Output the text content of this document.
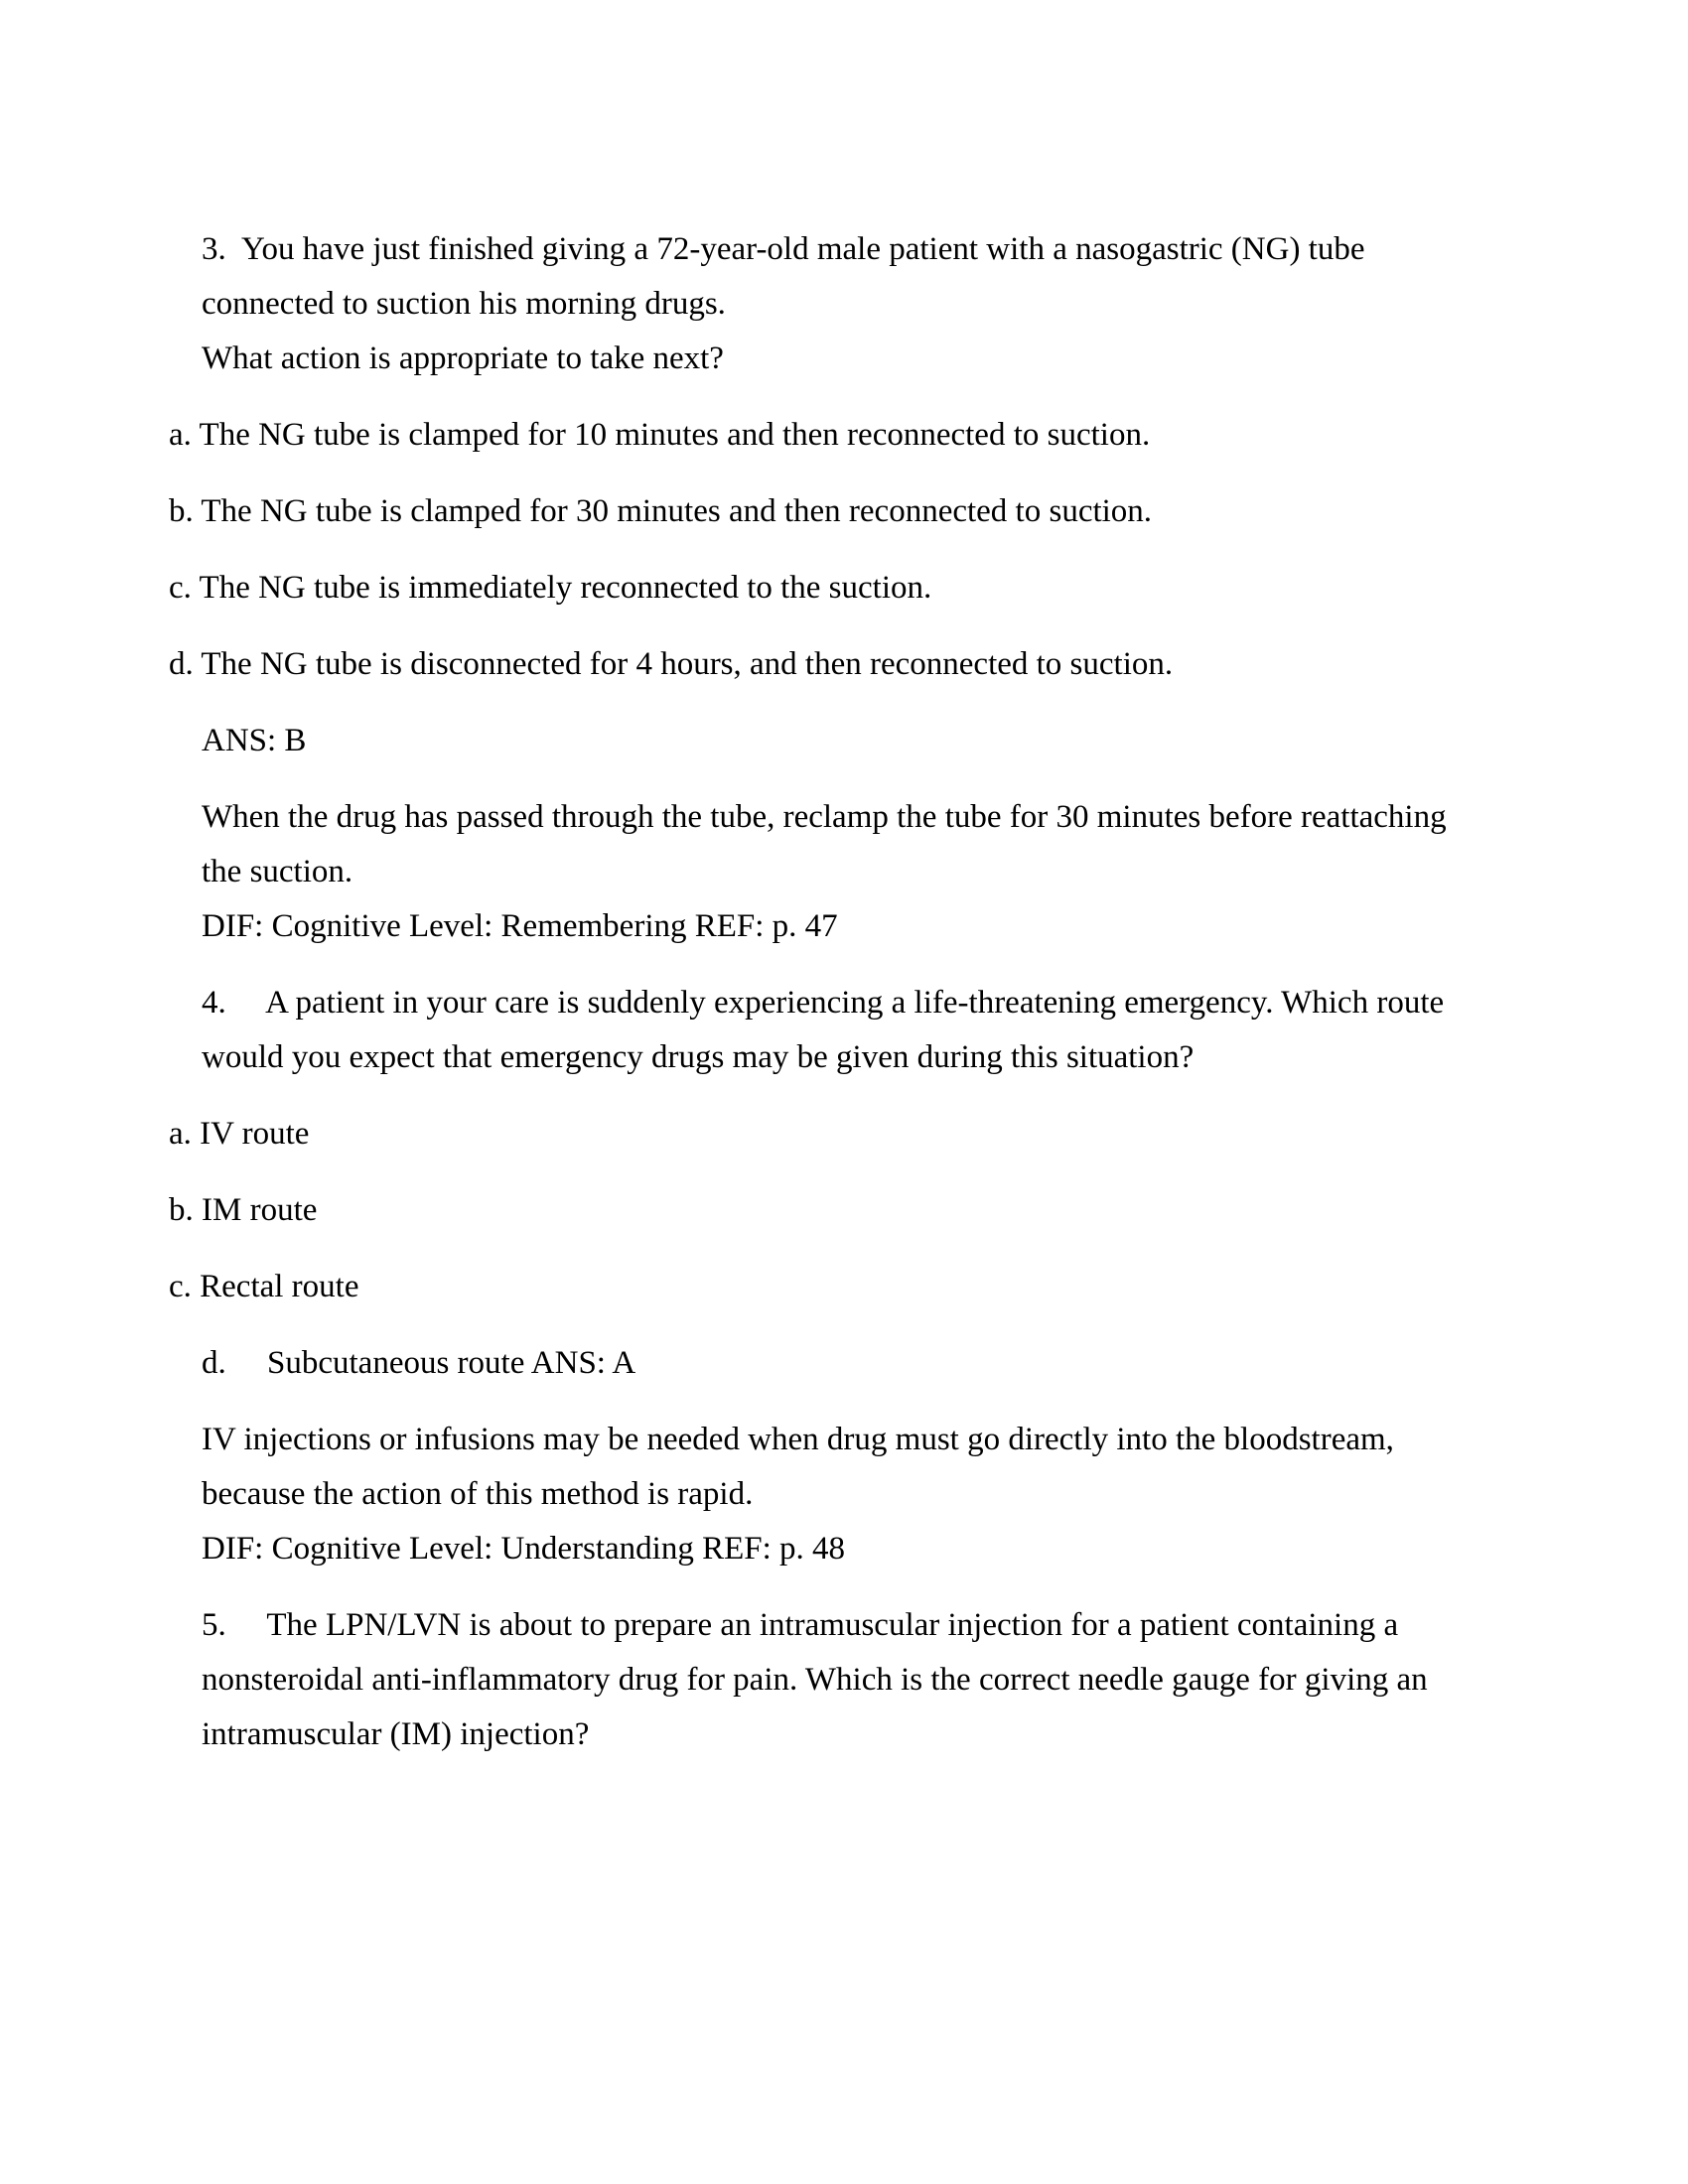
3.  You have just finished giving a 72-year-old male patient with a nasogastric (NG) tube
connected to suction his morning drugs.
What action is appropriate to take next?
a. The NG tube is clamped for 10 minutes and then reconnected to suction.
b. The NG tube is clamped for 30 minutes and then reconnected to suction.
c. The NG tube is immediately reconnected to the suction.
d. The NG tube is disconnected for 4 hours, and then reconnected to suction.
ANS: B
When the drug has passed through the tube, reclamp the tube for 30 minutes before reattaching
the suction.
DIF: Cognitive Level: Remembering REF: p. 47
4.     A patient in your care is suddenly experiencing a life-threatening emergency. Which route
would you expect that emergency drugs may be given during this situation?
a. IV route
b. IM route
c. Rectal route
d.     Subcutaneous route ANS: A
IV injections or infusions may be needed when drug must go directly into the bloodstream,
because the action of this method is rapid.
DIF: Cognitive Level: Understanding REF: p. 48
5.     The LPN/LVN is about to prepare an intramuscular injection for a patient containing a
nonsteroidal anti-inflammatory drug for pain. Which is the correct needle gauge for giving an
intramuscular (IM) injection?
